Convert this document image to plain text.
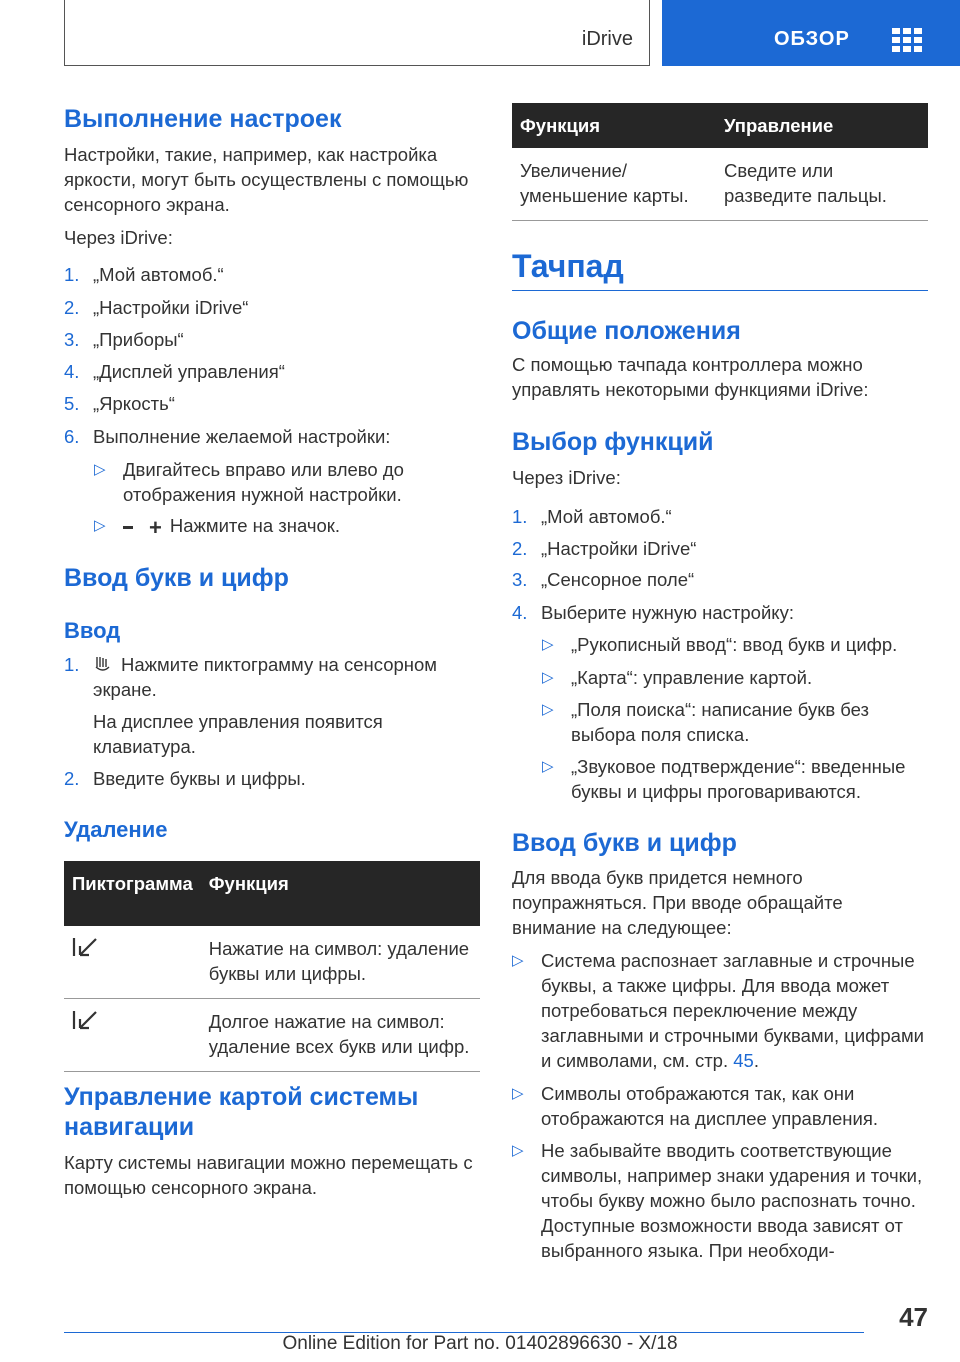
iDrive	ОБЗОР
Выполнение настроек
Настройки, такие, например, как настройка яркости, могут быть осуществлены с помощью сенсорного экрана.
Через iDrive:
1. „Мой автомоб.“
2. „Настройки iDrive“
3. „Приборы“
4. „Дисплей управления“
5. „Яркость“
6. Выполнение желаемой настройки:
▷ Двигайтесь вправо или влево до отображения нужной настройки.
▷ + Нажмите на значок.
Ввод букв и цифр
Ввод
1. Нажмите пиктограмму на сенсорном экране.
На дисплее управления появится клавиатура.
2. Введите буквы и цифры.
Удаление
Пиктограмма	Функция
	Нажатие на символ: удаление буквы или цифры.
	Долгое нажатие на символ: удаление всех букв или цифр.
Управление картой системы навигации
Карту системы навигации можно перемещать с помощью сенсорного экрана.
Функция	Управление
Увеличение/уменьшение карты.	Сведите или разведите пальцы.
Тачпад
Общие положения
С помощью тачпада контроллера можно управлять некоторыми функциями iDrive:
Выбор функций
Через iDrive:
1. „Мой автомоб.“
2. „Настройки iDrive“
3. „Сенсорное поле“
4. Выберите нужную настройку:
▷ „Рукописный ввод“: ввод букв и цифр.
▷ „Карта“: управление картой.
▷ „Поля поиска“: написание букв без выбора поля списка.
▷ „Звуковое подтверждение“: введенные буквы и цифры проговариваются.
Ввод букв и цифр
Для ввода букв придется немного поупражняться. При вводе обращайте внимание на следующее:
▷ Система распознает заглавные и строчные буквы, а также цифры. Для ввода может потребоваться переключение между заглавными и строчными буквами, цифрами и символами, см. стр. 45.
▷ Символы отображаются так, как они отображаются на дисплее управления.
▷ Не забывайте вводить соответствующие символы, например знаки ударения и точки, чтобы букву можно было распознать точно. Доступные возможности ввода зависят от выбранного языка. При необходи-
47
Online Edition for Part no. 01402896630 - X/18
